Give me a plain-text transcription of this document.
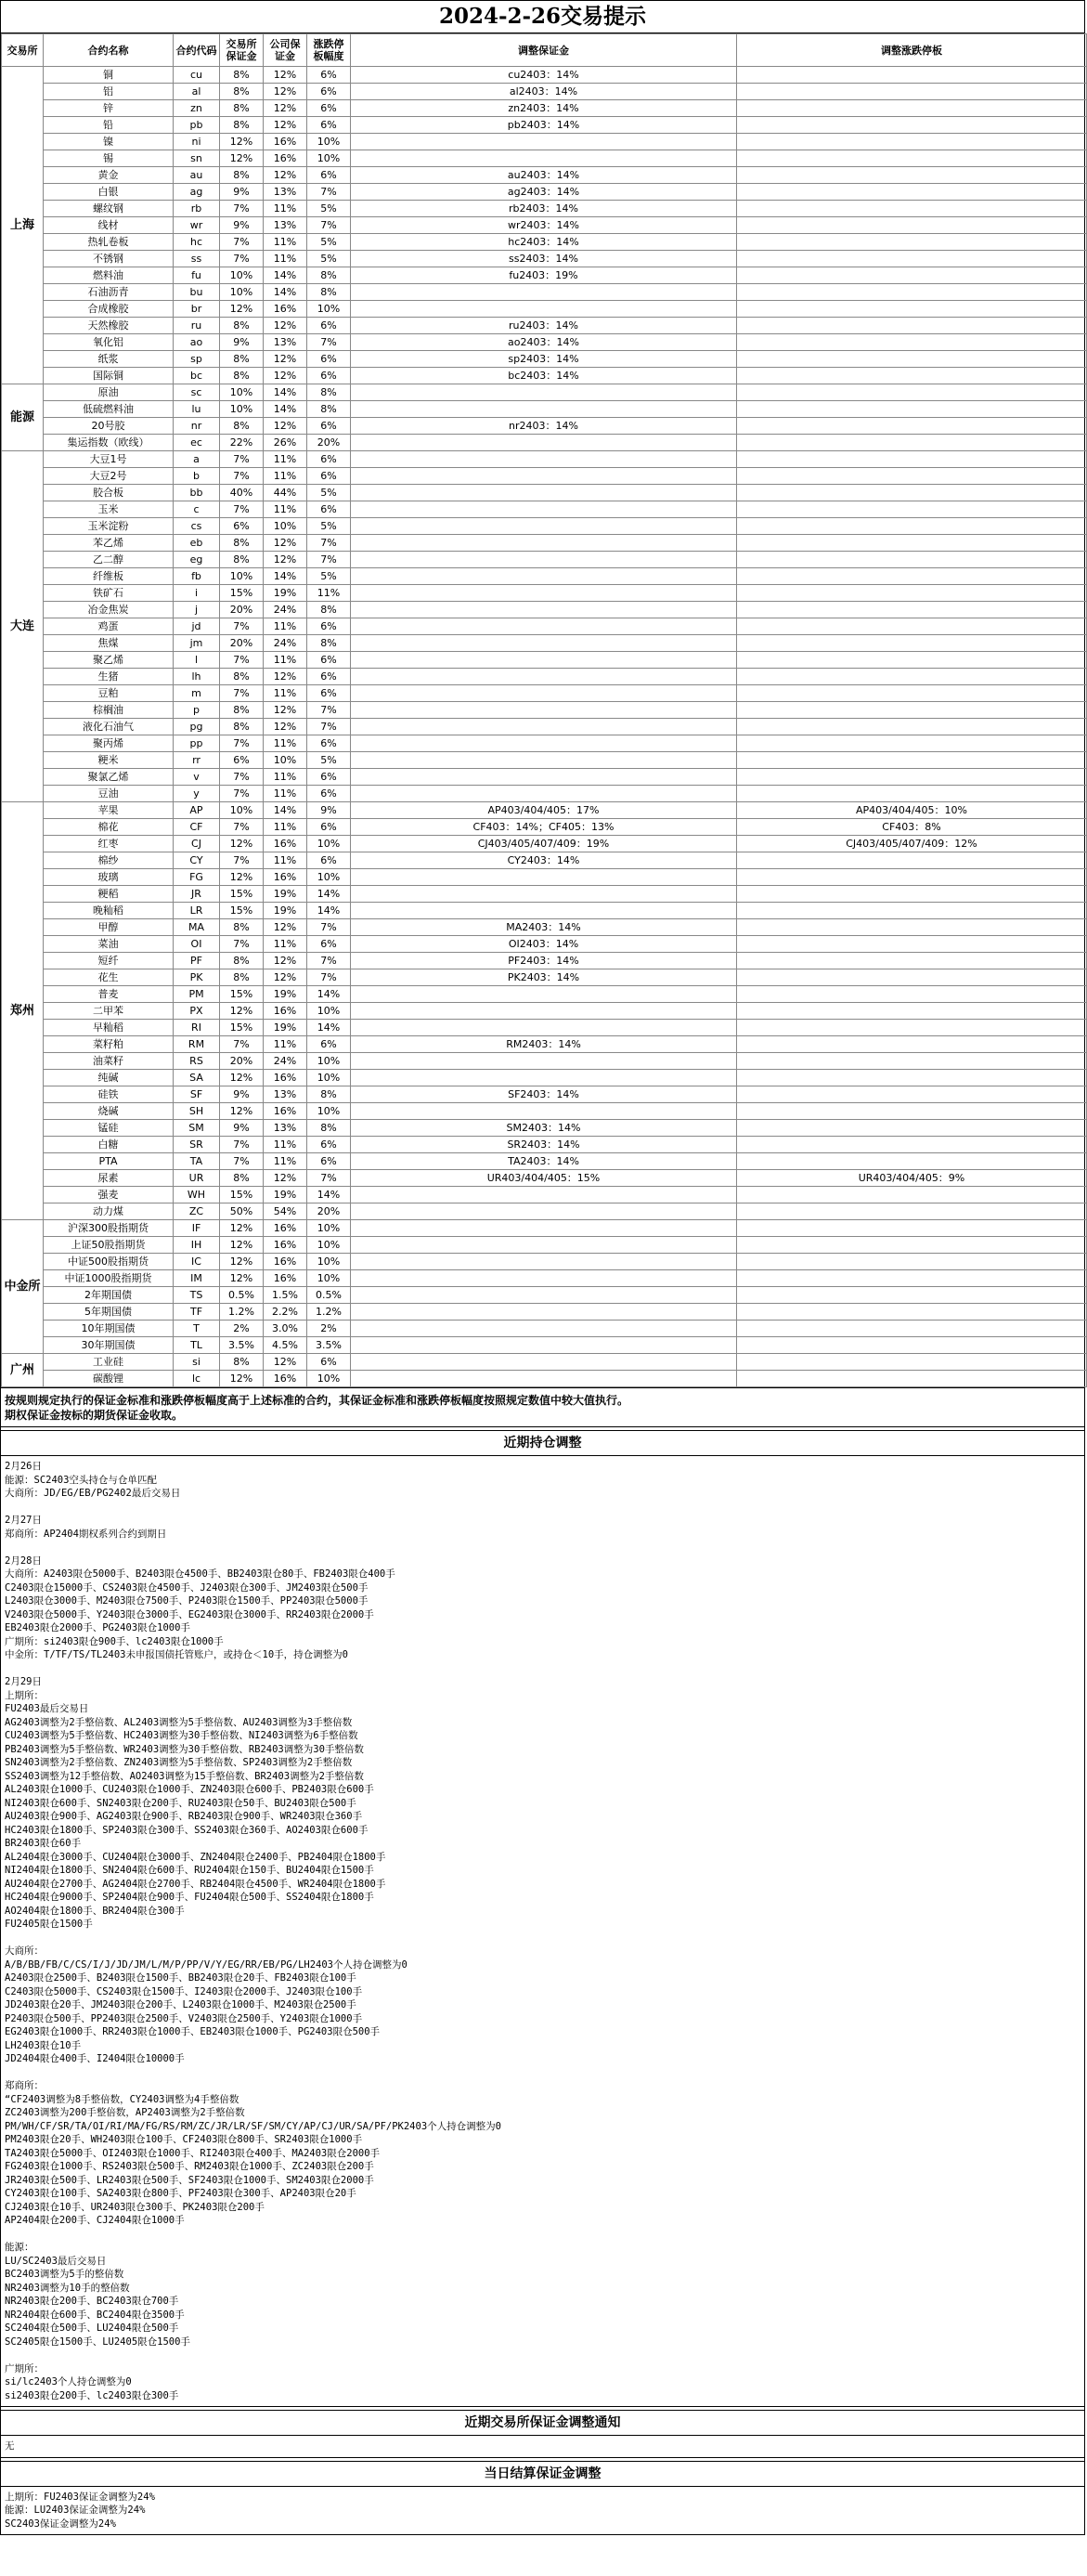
2024-2-26交易提示
交易所	合约名称	合约代码	交易所保证金	公司保证金	涨跌停板幅度	调整保证金	调整涨跌停板
上海	铜	cu	8%	12%	6%	cu2403：14%	
	铝	al	8%	12%	6%	al2403：14%	
	锌	zn	8%	12%	6%	zn2403：14%	
	铅	pb	8%	12%	6%	pb2403：14%	
	镍	ni	12%	16%	10%		
	锡	sn	12%	16%	10%		
	黄金	au	8%	12%	6%	au2403：14%	
	白银	ag	9%	13%	7%	ag2403：14%	
	螺纹钢	rb	7%	11%	5%	rb2403：14%	
	线材	wr	9%	13%	7%	wr2403：14%	
	热轧卷板	hc	7%	11%	5%	hc2403：14%	
	不锈钢	ss	7%	11%	5%	ss2403：14%	
	燃料油	fu	10%	14%	8%	fu2403：19%	
	石油沥青	bu	10%	14%	8%		
	合成橡胶	br	12%	16%	10%		
	天然橡胶	ru	8%	12%	6%	ru2403：14%	
	氧化铝	ao	9%	13%	7%	ao2403：14%	
	纸浆	sp	8%	12%	6%	sp2403：14%	
	国际铜	bc	8%	12%	6%	bc2403：14%	
能源	原油	sc	10%	14%	8%		
	低硫燃料油	lu	10%	14%	8%		
	20号胶	nr	8%	12%	6%	nr2403：14%	
	集运指数（欧线）	ec	22%	26%	20%		
大连	大豆1号	a	7%	11%	6%		
	大豆2号	b	7%	11%	6%		
	胶合板	bb	40%	44%	5%		
	玉米	c	7%	11%	6%		
	玉米淀粉	cs	6%	10%	5%		
	苯乙烯	eb	8%	12%	7%		
	乙二醇	eg	8%	12%	7%		
	纤维板	fb	10%	14%	5%		
	铁矿石	i	15%	19%	11%		
	冶金焦炭	j	20%	24%	8%		
	鸡蛋	jd	7%	11%	6%		
	焦煤	jm	20%	24%	8%		
	聚乙烯	l	7%	11%	6%		
	生猪	lh	8%	12%	6%		
	豆粕	m	7%	11%	6%		
	棕榈油	p	8%	12%	7%		
	液化石油气	pg	8%	12%	7%		
	聚丙烯	pp	7%	11%	6%		
	粳米	rr	6%	10%	5%		
	聚氯乙烯	v	7%	11%	6%		
	豆油	y	7%	11%	6%		
郑州	苹果	AP	10%	14%	9%	AP403/404/405：17%	AP403/404/405：10%
	棉花	CF	7%	11%	6%	CF403：14%；CF405：13%	CF403：8%
	红枣	CJ	12%	16%	10%	CJ403/405/407/409：19%	CJ403/405/407/409：12%
	棉纱	CY	7%	11%	6%	CY2403：14%	
	玻璃	FG	12%	16%	10%		
	粳稻	JR	15%	19%	14%		
	晚籼稻	LR	15%	19%	14%		
	甲醇	MA	8%	12%	7%	MA2403：14%	
	菜油	OI	7%	11%	6%	OI2403：14%	
	短纤	PF	8%	12%	7%	PF2403：14%	
	花生	PK	8%	12%	7%	PK2403：14%	
	普麦	PM	15%	19%	14%		
	二甲苯	PX	12%	16%	10%		
	早籼稻	RI	15%	19%	14%		
	菜籽粕	RM	7%	11%	6%	RM2403：14%	
	油菜籽	RS	20%	24%	10%		
	纯碱	SA	12%	16%	10%		
	硅铁	SF	9%	13%	8%	SF2403：14%	
	烧碱	SH	12%	16%	10%		
	锰硅	SM	9%	13%	8%	SM2403：14%	
	白糖	SR	7%	11%	6%	SR2403：14%	
	PTA	TA	7%	11%	6%	TA2403：14%	
	尿素	UR	8%	12%	7%	UR403/404/405：15%	UR403/404/405：9%
	强麦	WH	15%	19%	14%		
	动力煤	ZC	50%	54%	20%		
中金所	沪深300股指期货	IF	12%	16%	10%		
	上证50股指期货	IH	12%	16%	10%		
	中证500股指期货	IC	12%	16%	10%		
	中证1000股指期货	IM	12%	16%	10%		
	2年期国债	TS	0.5%	1.5%	0.5%		
	5年期国债	TF	1.2%	2.2%	1.2%		
	10年期国债	T	2%	3.0%	2%		
	30年期国债	TL	3.5%	4.5%	3.5%		
广州	工业硅	si	8%	12%	6%		
	碳酸锂	lc	12%	16%	10%		
按规则规定执行的保证金标准和涨跌停板幅度高于上述标准的合约，其保证金标准和涨跌停板幅度按照规定数值中较大值执行。
期权保证金按标的期货保证金收取。
近期持仓调整
2月26日
能源：SC2403空头持仓与仓单匹配
大商所：JD/EG/EB/PG2402最后交易日
2月27日
郑商所：AP2404期权系列合约到期日
2月28日
大商所：A2403限仓5000手、B2403限仓4500手、BB2403限仓80手、FB2403限仓400手
C2403限仓15000手、CS2403限仓4500手、J2403限仓300手、JM2403限仓500手
L2403限仓3000手、M2403限仓7500手、P2403限仓1500手、PP2403限仓5000手
V2403限仓5000手、Y2403限仓3000手、EG2403限仓3000手、RR2403限仓2000手
EB2403限仓2000手、PG2403限仓1000手
广期所：si2403限仓900手、lc2403限仓1000手
中金所：T/TF/TS/TL2403未申报国债托管账户，或持仓＜10手，持仓调整为0
2月29日
上期所：
FU2403最后交易日
AG2403调整为2手整倍数、AL2403调整为5手整倍数、AU2403调整为3手整倍数
CU2403调整为5手整倍数、HC2403调整为30手整倍数、NI2403调整为6手整倍数
PB2403调整为5手整倍数、WR2403调整为30手整倍数、RB2403调整为30手整倍数
SN2403调整为2手整倍数、ZN2403调整为5手整倍数、SP2403调整为2手整倍数
SS2403调整为12手整倍数、AO2403调整为15手整倍数、BR2403调整为2手整倍数
AL2403限仓1000手、CU2403限仓1000手、ZN2403限仓600手、PB2403限仓600手
NI2403限仓600手、SN2403限仓200手、RU2403限仓50手、BU2403限仓500手
AU2403限仓900手、AG2403限仓900手、RB2403限仓900手、WR2403限仓360手
HC2403限仓1800手、SP2403限仓300手、SS2403限仓360手、AO2403限仓600手
BR2403限仓60手
AL2404限仓3000手、CU2404限仓3000手、ZN2404限仓2400手、PB2404限仓1800手
NI2404限仓1800手、SN2404限仓600手、RU2404限仓150手、BU2404限仓1500手
AU2404限仓2700手、AG2404限仓2700手、RB2404限仓4500手、WR2404限仓1800手
HC2404限仓9000手、SP2404限仓900手、FU2404限仓500手、SS2404限仓1800手
AO2404限仓1800手、BR2404限仓300手
FU2405限仓1500手
大商所：
A/B/BB/FB/C/CS/I/J/JD/JM/L/M/P/PP/V/Y/EG/RR/EB/PG/LH2403个人持仓调整为0
A2403限仓2500手、B2403限仓1500手、BB2403限仓20手、FB2403限仓100手
C2403限仓5000手、CS2403限仓1500手、I2403限仓2000手、J2403限仓100手
JD2403限仓20手、JM2403限仓200手、L2403限仓1000手、M2403限仓2500手
P2403限仓500手、PP2403限仓2500手、V2403限仓2500手、Y2403限仓1000手
EG2403限仓1000手、RR2403限仓1000手、EB2403限仓1000手、PG2403限仓500手
LH2403限仓10手
JD2404限仓400手、I2404限仓10000手
郑商所：
“CF2403调整为8手整倍数，CY2403调整为4手整倍数
ZC2403调整为200手整倍数，AP2403调整为2手整倍数
PM/WH/CF/SR/TA/OI/RI/MA/FG/RS/RM/ZC/JR/LR/SF/SM/CY/AP/CJ/UR/SA/PF/PK2403个人持仓调整为0
PM2403限仓20手、WH2403限仓100手、CF2403限仓800手、SR2403限仓1000手
TA2403限仓5000手、OI2403限仓1000手、RI2403限仓400手、MA2403限仓2000手
FG2403限仓1000手、RS2403限仓500手、RM2403限仓1000手、ZC2403限仓200手
JR2403限仓500手、LR2403限仓500手、SF2403限仓1000手、SM2403限仓2000手
CY2403限仓100手、SA2403限仓800手、PF2403限仓300手、AP2403限仓20手
CJ2403限仓10手、UR2403限仓300手、PK2403限仓200手
AP2404限仓200手、CJ2404限仓1000手
能源：
LU/SC2403最后交易日
BC2403调整为5手的整倍数
NR2403调整为10手的整倍数
NR2403限仓200手、BC2403限仓700手
NR2404限仓600手、BC2404限仓3500手
SC2404限仓500手、LU2404限仓500手
SC2405限仓1500手、LU2405限仓1500手
广期所：
si/lc2403个人持仓调整为0
si2403限仓200手、lc2403限仓300手
近期交易所保证金调整通知
无
当日结算保证金调整
上期所：FU2403保证金调整为24%
能源：LU2403保证金调整为24%
SC2403保证金调整为24%
